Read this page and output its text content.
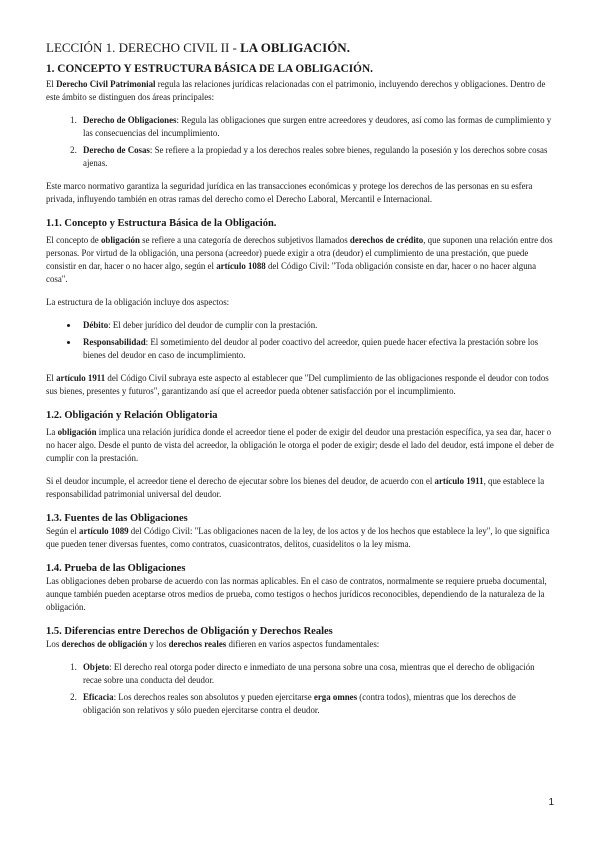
LECCIÓN 1. DERECHO CIVIL II - LA OBLIGACIÓN.
1. CONCEPTO Y ESTRUCTURA BÁSICA DE LA OBLIGACIÓN.

El Derecho Civil Patrimonial regula las relaciones jurídicas relacionadas con el patrimonio, incluyendo derechos y obligaciones. Dentro de este ámbito se distinguen dos áreas principales:

1. Derecho de Obligaciones: Regula las obligaciones que surgen entre acreedores y deudores, así como las formas de cumplimiento y las consecuencias del incumplimiento.
2. Derecho de Cosas: Se refiere a la propiedad y a los derechos reales sobre bienes, regulando la posesión y los derechos sobre cosas ajenas.

Este marco normativo garantiza la seguridad jurídica en las transacciones económicas y protege los derechos de las personas en su esfera privada, influyendo también en otras ramas del derecho como el Derecho Laboral, Mercantil e Internacional.

1.1. Concepto y Estructura Básica de la Obligación.

El concepto de obligación se refiere a una categoría de derechos subjetivos llamados derechos de crédito, que suponen una relación entre dos personas. Por virtud de la obligación, una persona (acreedor) puede exigir a otra (deudor) el cumplimiento de una prestación, que puede consistir en dar, hacer o no hacer algo, según el artículo 1088 del Código Civil: "Toda obligación consiste en dar, hacer o no hacer alguna cosa".

La estructura de la obligación incluye dos aspectos:

• Débito: El deber jurídico del deudor de cumplir con la prestación.
• Responsabilidad: El sometimiento del deudor al poder coactivo del acreedor, quien puede hacer efectiva la prestación sobre los bienes del deudor en caso de incumplimiento.

El artículo 1911 del Código Civil subraya este aspecto al establecer que "Del cumplimiento de las obligaciones responde el deudor con todos sus bienes, presentes y futuros", garantizando así que el acreedor pueda obtener satisfacción por el incumplimiento.

1.2. Obligación y Relación Obligatoria

La obligación implica una relación jurídica donde el acreedor tiene el poder de exigir del deudor una prestación específica, ya sea dar, hacer o no hacer algo. Desde el punto de vista del acreedor, la obligación le otorga el poder de exigir; desde el lado del deudor, está impone el deber de cumplir con la prestación.

Si el deudor incumple, el acreedor tiene el derecho de ejecutar sobre los bienes del deudor, de acuerdo con el artículo 1911, que establece la responsabilidad patrimonial universal del deudor.

1.3. Fuentes de las Obligaciones

Según el artículo 1089 del Código Civil: "Las obligaciones nacen de la ley, de los actos y de los hechos que establece la ley", lo que significa que pueden tener diversas fuentes, como contratos, cuasicontratos, delitos, cuasidelitos o la ley misma.

1.4. Prueba de las Obligaciones

Las obligaciones deben probarse de acuerdo con las normas aplicables. En el caso de contratos, normalmente se requiere prueba documental, aunque también pueden aceptarse otros medios de prueba, como testigos o hechos jurídicos reconocibles, dependiendo de la naturaleza de la obligación.

1.5. Diferencias entre Derechos de Obligación y Derechos Reales

Los derechos de obligación y los derechos reales difieren en varios aspectos fundamentales:

1. Objeto: El derecho real otorga poder directo e inmediato de una persona sobre una cosa, mientras que el derecho de obligación recae sobre una conducta del deudor.
2. Eficacia: Los derechos reales son absolutos y pueden ejercitarse erga omnes (contra todos), mientras que los derechos de obligación son relativos y sólo pueden ejercitarse contra el deudor.
1
